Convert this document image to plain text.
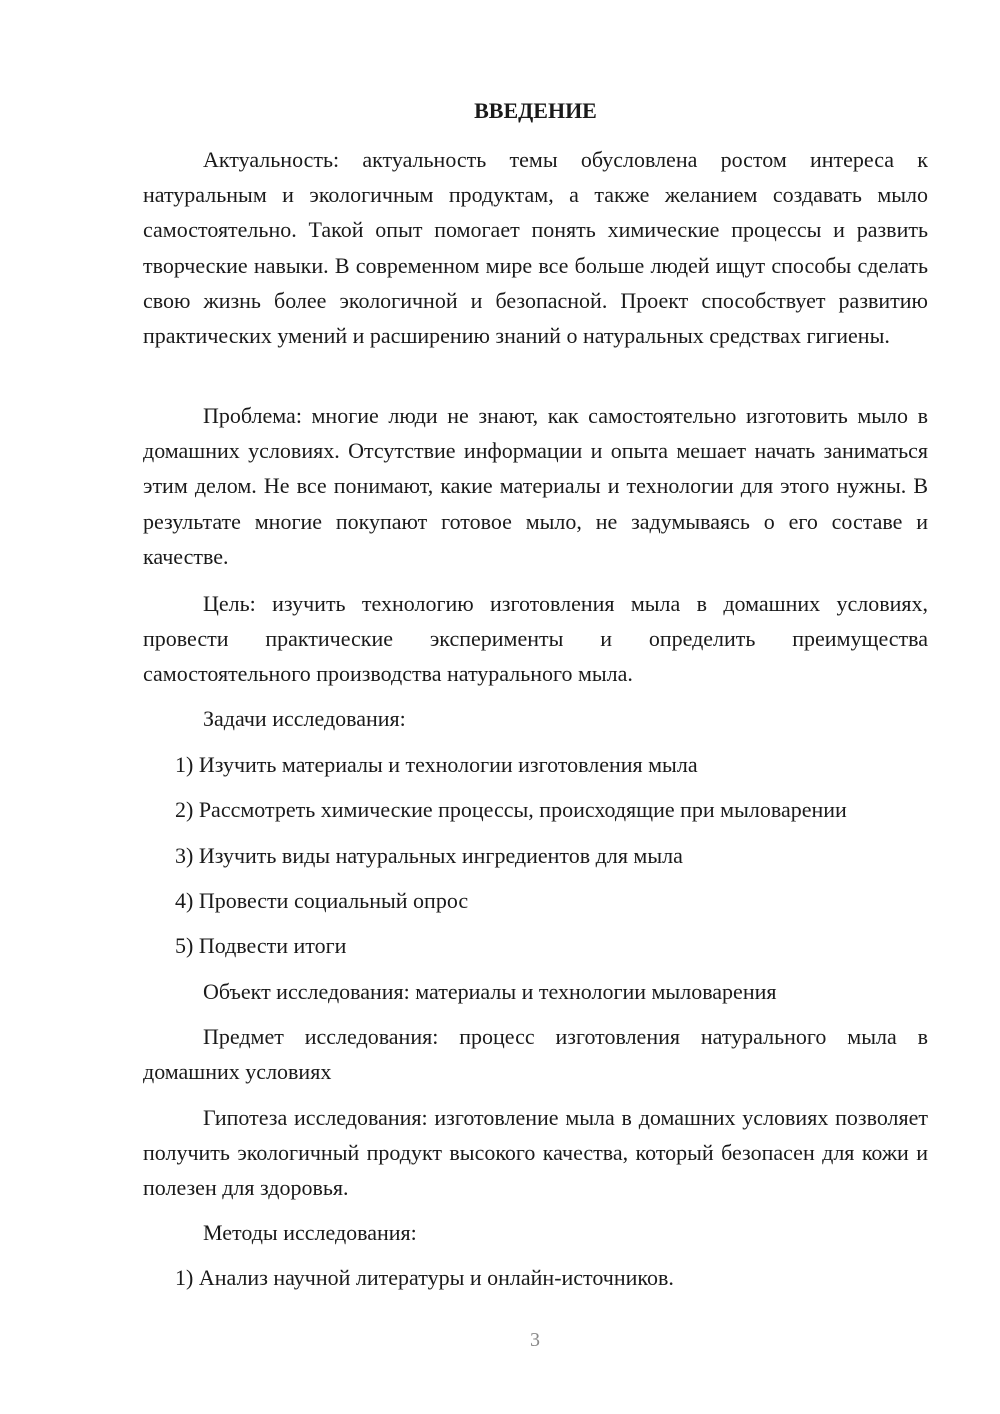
ВВЕДЕНИЕ

Актуальность: актуальность темы обусловлена ростом интереса к натуральным и экологичным продуктам, а также желанием создавать мыло самостоятельно. Такой опыт помогает понять химические процессы и развить творческие навыки. В современном мире все больше людей ищут способы сделать свою жизнь более экологичной и безопасной. Проект способствует развитию практических умений и расширению знаний о натуральных средствах гигиены.

Проблема: многие люди не знают, как самостоятельно изготовить мыло в домашних условиях. Отсутствие информации и опыта мешает начать заниматься этим делом. Не все понимают, какие материалы и технологии для этого нужны. В результате многие покупают готовое мыло, не задумываясь о его составе и качестве.

Цель: изучить технологию изготовления мыла в домашних условиях, провести практические эксперименты и определить преимущества самостоятельного производства натурального мыла.

Задачи исследования:

1) Изучить материалы и технологии изготовления мыла

2) Рассмотреть химические процессы, происходящие при мыловарении

3) Изучить виды натуральных ингредиентов для мыла

4) Провести социальный опрос

5) Подвести итоги

Объект исследования: материалы и технологии мыловарения

Предмет исследования: процесс изготовления натурального мыла в домашних условиях

Гипотеза исследования: изготовление мыла в домашних условиях позволяет получить экологичный продукт высокого качества, который безопасен для кожи и полезен для здоровья.

Методы исследования:

1) Анализ научной литературы и онлайн-источников.

3
